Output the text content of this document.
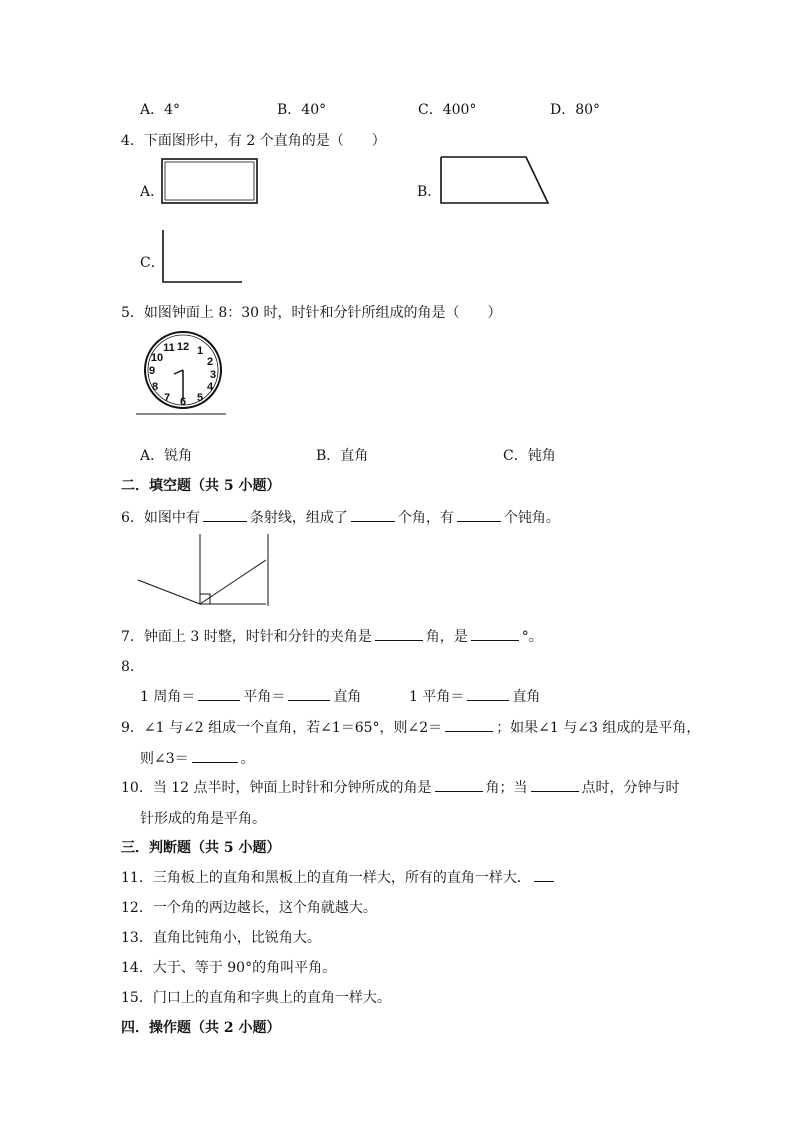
A．4°	B．40°	C．400°	D．80°
4．下面图形中，有 2 个直角的是（　　）
A．	B．
C．
5．如图钟面上 8：30 时，时针和分针所组成的角是（　　）
12 1
2
3
4
5
6
7
8
9
10
11
A．锐角	B．直角	C．钝角
二．填空题（共 5 小题）
6．如图中有	条射线，组成了	个角，有	个钝角。
7．钟面上 3 时整，时针和分针的夹角是	角，是	°。
8．
1 周角＝	平角＝	直角	1 平角＝	直角
9．∠1 与∠2 组成一个直角，若∠1＝65°，则∠2＝	；如果∠1 与∠3 组成的是平角，
则∠3＝	。
10．当 12 点半时，钟面上时针和分钟所成的角是	角；当	点时，分钟与时
针形成的角是平角。
三．判断题（共 5 小题）
11．三角板上的直角和黑板上的直角一样大，所有的直角一样大．
12．一个角的两边越长，这个角就越大。
13．直角比钝角小，比锐角大。
14．大于、等于 90°的角叫平角。
15．门口上的直角和字典上的直角一样大。
四．操作题（共 2 小题）
